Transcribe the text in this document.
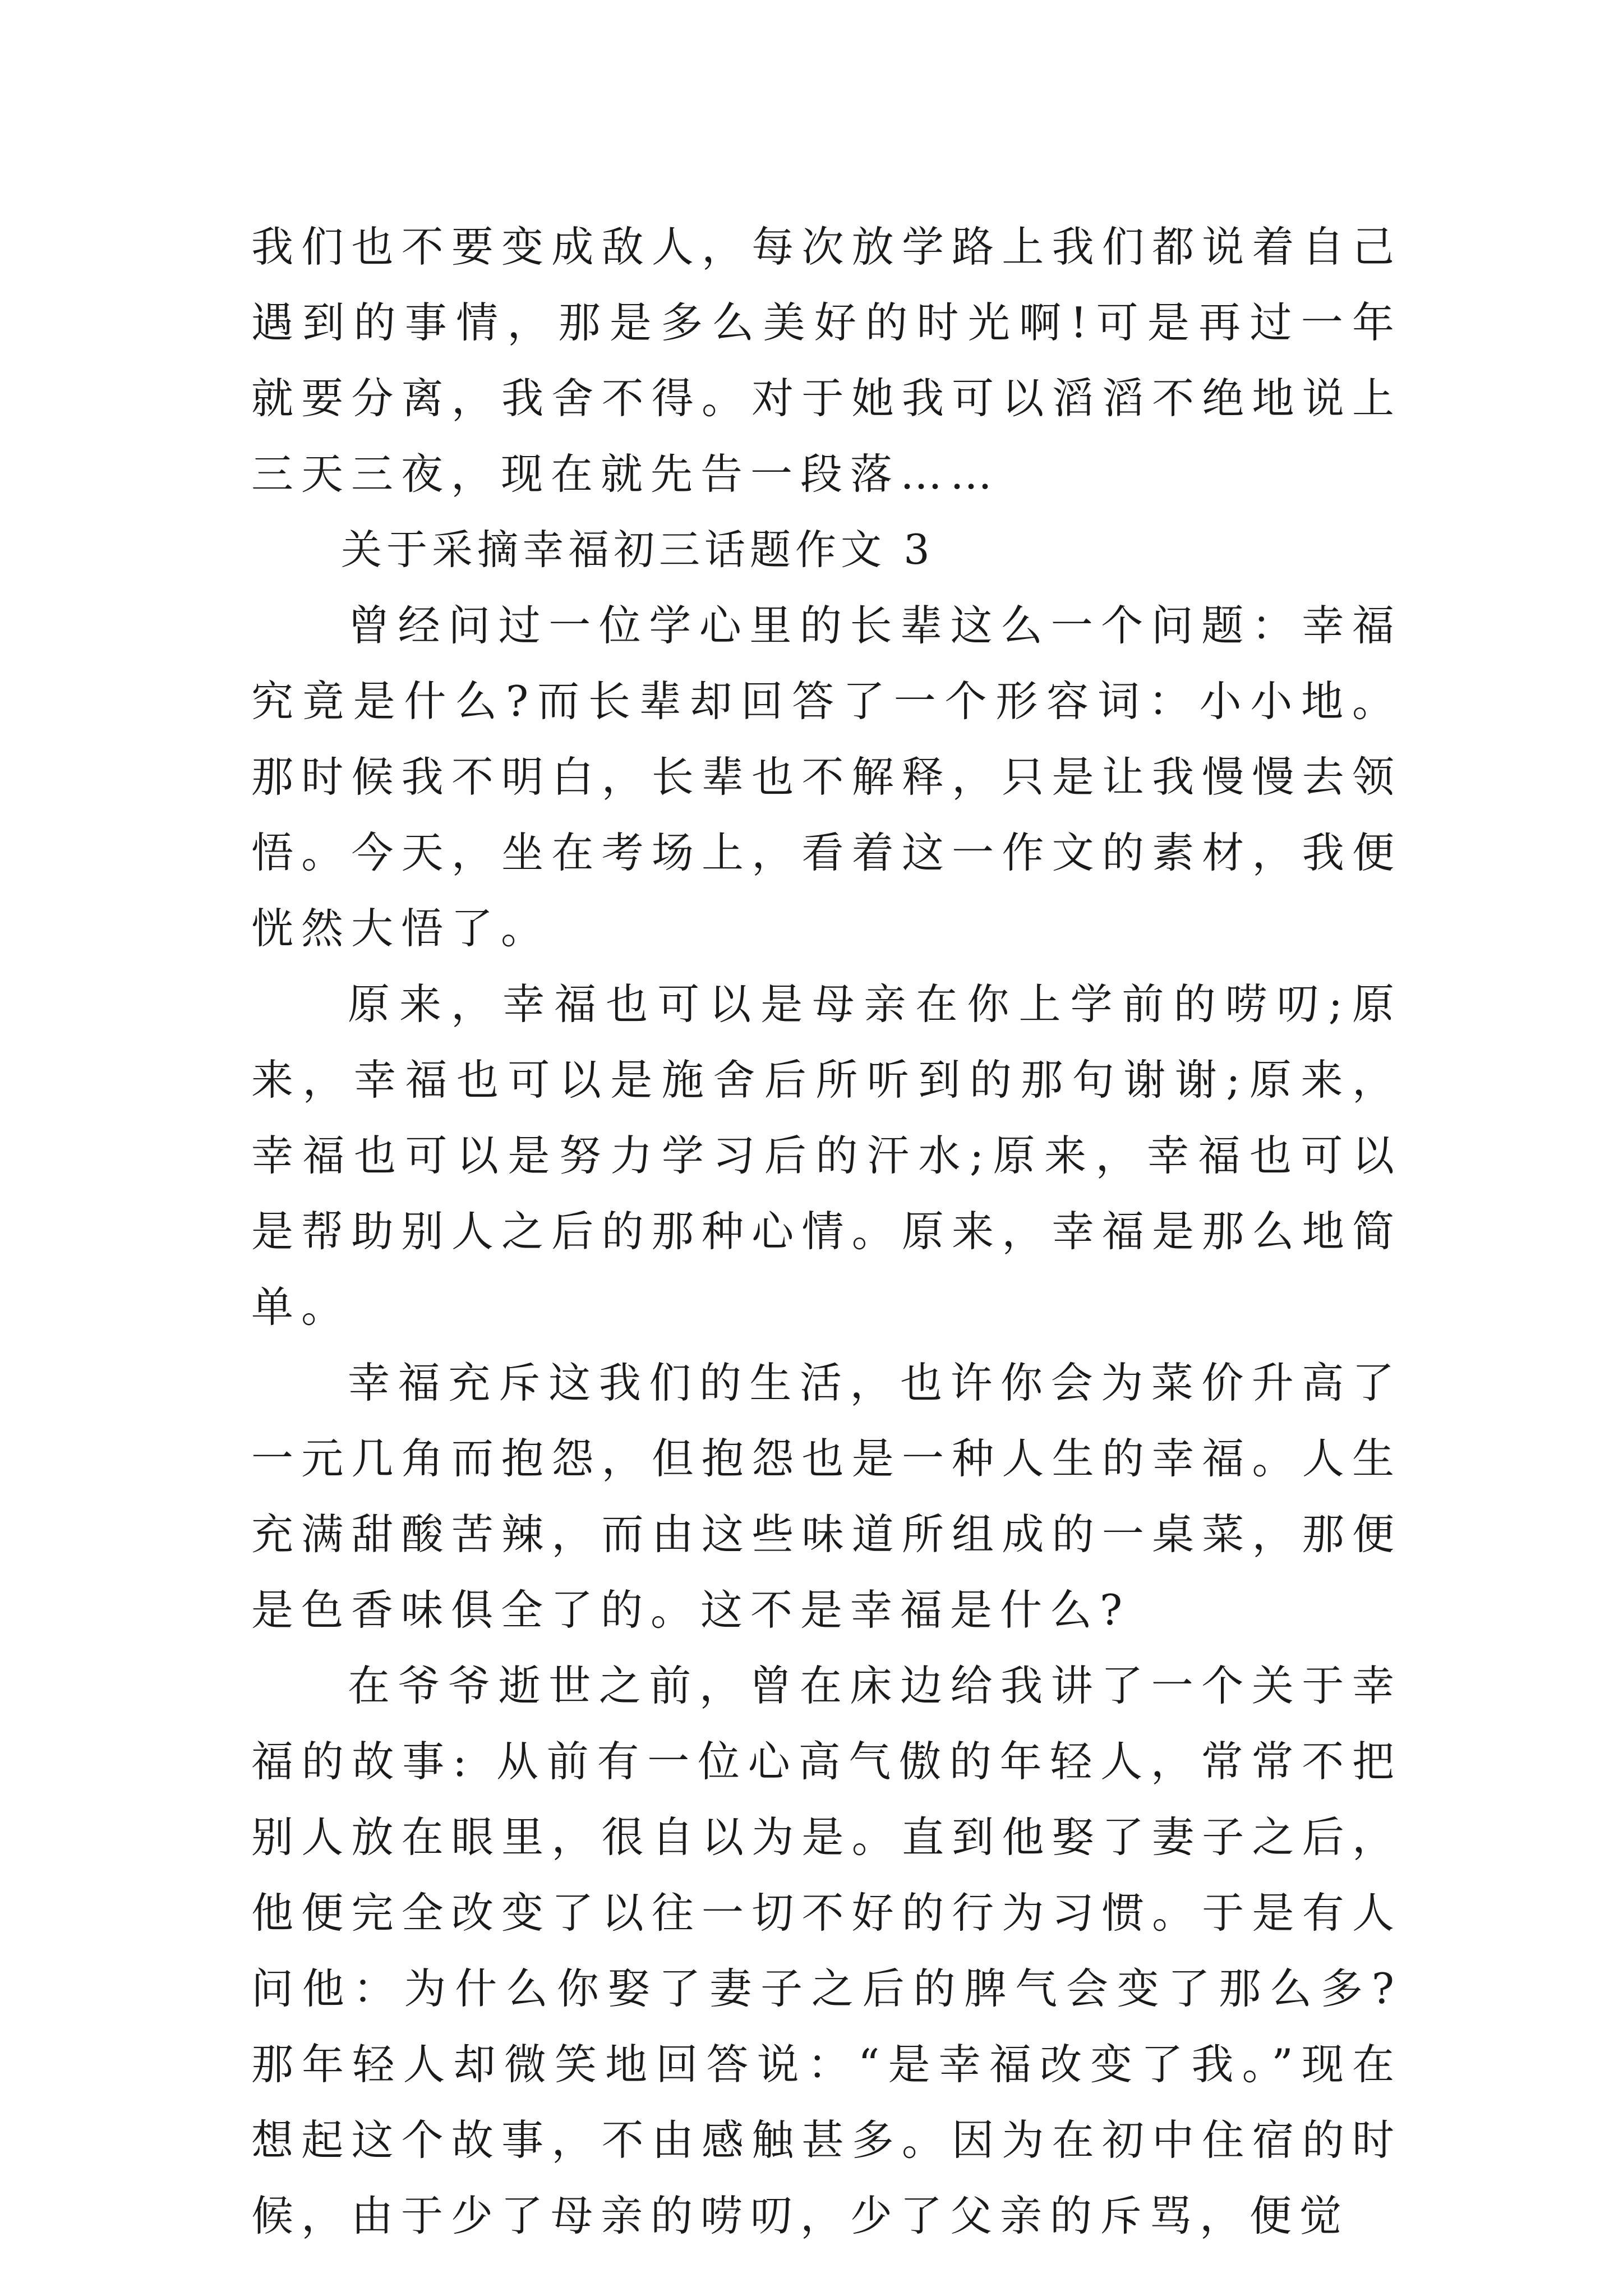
我们也不要变成敌人，每次放学路上我们都说着自己遇到的事情，那是多么美好的时光啊!可是再过一年就要分离，我舍不得。对于她我可以滔滔不绝地说上三天三夜，现在就先告一段落……

关于采摘幸福初三话题作文 3

曾经问过一位学心里的长辈这么一个问题：幸福究竟是什么?而长辈却回答了一个形容词：小小地。那时候我不明白，长辈也不解释，只是让我慢慢去领悟。今天，坐在考场上，看着这一作文的素材，我便恍然大悟了。

原来，幸福也可以是母亲在你上学前的唠叨;原来，幸福也可以是施舍后所听到的那句谢谢;原来，幸福也可以是努力学习后的汗水;原来，幸福也可以是帮助别人之后的那种心情。原来，幸福是那么地简单。

幸福充斥这我们的生活，也许你会为菜价升高了一元几角而抱怨，但抱怨也是一种人生的幸福。人生充满甜酸苦辣，而由这些味道所组成的一桌菜，那便是色香味俱全了的。这不是幸福是什么?

在爷爷逝世之前，曾在床边给我讲了一个关于幸福的故事: 从前有一位心高气傲的年轻人，常常不把别人放在眼里，很自以为是。直到他娶了妻子之后，他便完全改变了以往一切不好的行为习惯。于是有人问他：为什么你娶了妻子之后的脾气会变了那么多?那年轻人却微笑地回答说：“是幸福改变了我。”现在想起这个故事，不由感触甚多。因为在初中住宿的时候，由于少了母亲的唠叨，少了父亲的斥骂，便觉
